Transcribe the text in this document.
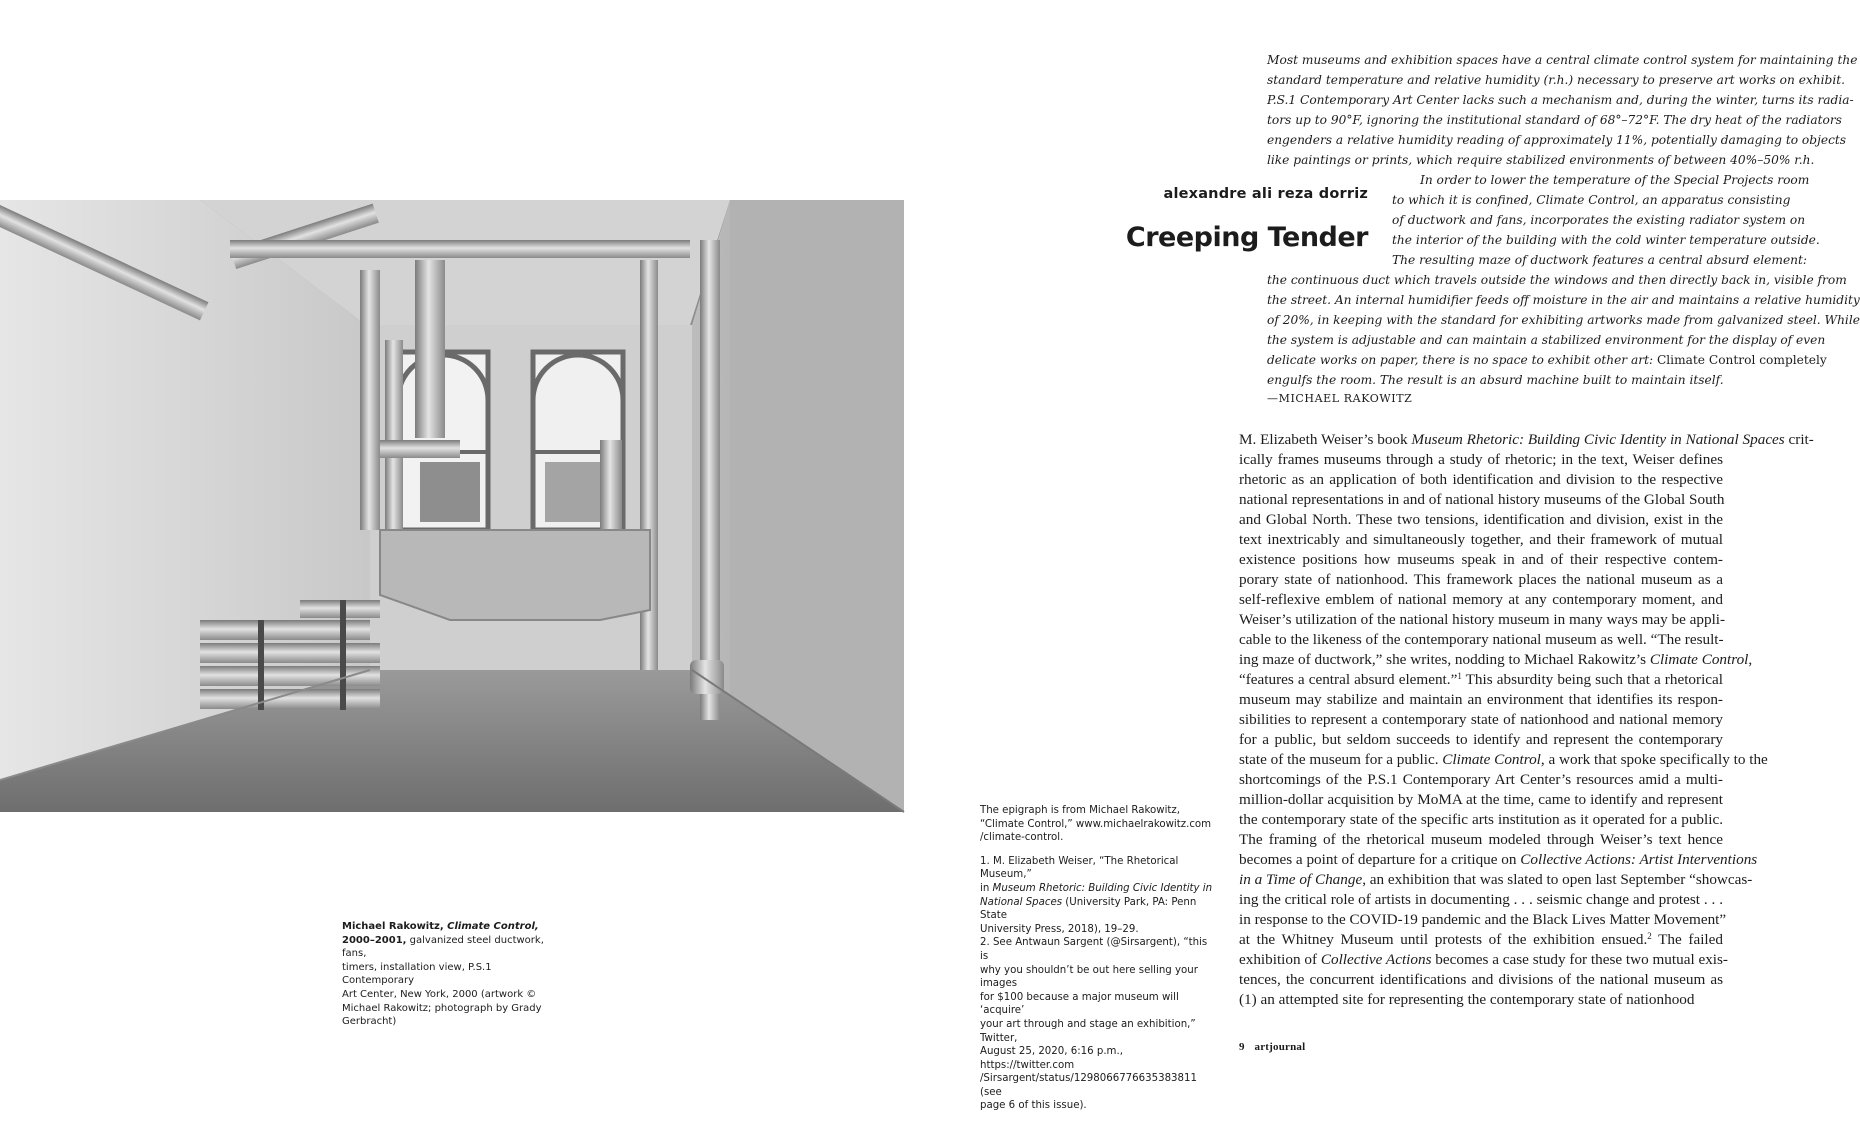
Michael Rakowitz, Climate Control,
2000–2001, galvanized steel ductwork, fans,
timers, installation view, P.S.1 Contemporary
Art Center, New York, 2000 (artwork ©
Michael Rakowitz; photograph by Grady
Gerbracht)

The epigraph is from Michael Rakowitz,
“Climate Control,” www.michaelrakowitz.com
/climate-control.

1. M. Elizabeth Weiser, “The Rhetorical Museum,”
in Museum Rhetoric: Building Civic Identity in
National Spaces (University Park, PA: Penn State
University Press, 2018), 19–29.

2. See Antwaun Sargent (@Sirsargent), “this is
why you shouldn’t be out here selling your images
for $100 because a major museum will ‘acquire’
your art through and stage an exhibition,” Twitter,
August 25, 2020, 6:16 p.m., https://twitter.com
/Sirsargent/status/1298066776635383811 (see
page 6 of this issue).

alexandre ali reza dorriz
Creeping Tender
Most museums and exhibition spaces have a central climate control system for maintaining the
standard temperature and relative humidity (r.h.) necessary to preserve art works on exhibit.
P.S.1 Contemporary Art Center lacks such a mechanism and, during the winter, turns its radia-
tors up to 90°F, ignoring the institutional standard of 68°–72°F. The dry heat of the radiators
engenders a relative humidity reading of approximately 11%, potentially damaging to objects
like paintings or prints, which require stabilized environments of between 40%–50% r.h.
In order to lower the temperature of the Special Projects room
to which it is confined, Climate Control, an apparatus consisting
of ductwork and fans, incorporates the existing radiator system on
the interior of the building with the cold winter temperature outside.
The resulting maze of ductwork features a central absurd element:
the continuous duct which travels outside the windows and then directly back in, visible from
the street. An internal humidifier feeds off moisture in the air and maintains a relative humidity
of 20%, in keeping with the standard for exhibiting artworks made from galvanized steel. While
the system is adjustable and can maintain a stabilized environment for the display of even
delicate works on paper, there is no space to exhibit other art: Climate Control completely
engulfs the room. The result is an absurd machine built to maintain itself.
—MICHAEL RAKOWITZ
M. Elizabeth Weiser’s book Museum Rhetoric: Building Civic Identity in National Spaces crit-
ically frames museums through a study of rhetoric; in the text, Weiser defines
rhetoric as an application of both identification and division to the respective
national representations in and of national history museums of the Global South
and Global North. These two tensions, identification and division, exist in the
text inextricably and simultaneously together, and their framework of mutual
existence positions how museums speak in and of their respective contem-
porary state of nationhood. This framework places the national museum as a
self-reflexive emblem of national memory at any contemporary moment, and
Weiser’s utilization of the national history museum in many ways may be appli-
cable to the likeness of the contemporary national museum as well. “The result-
ing maze of ductwork,” she writes, nodding to Michael Rakowitz’s Climate Control,
“features a central absurd element.”$^1$ This absurdity being such that a rhetorical
museum may stabilize and maintain an environment that identifies its respon-
sibilities to represent a contemporary state of nationhood and national memory
for a public, but seldom succeeds to identify and represent the contemporary
state of the museum for a public. Climate Control, a work that spoke specifically to the
shortcomings of the P.S.1 Contemporary Art Center’s resources amid a multi-
million-dollar acquisition by MoMA at the time, came to identify and represent
the contemporary state of the specific arts institution as it operated for a public.
The framing of the rhetorical museum modeled through Weiser’s text hence
becomes a point of departure for a critique on Collective Actions: Artist Interventions
in a Time of Change, an exhibition that was slated to open last September “showcas-
ing the critical role of artists in documenting . . . seismic change and protest . . .
in response to the COVID-19 pandemic and the Black Lives Matter Movement”
at the Whitney Museum until protests of the exhibition ensued.$^2$ The failed
exhibition of Collective Actions becomes a case study for these two mutual exis-
tences, the concurrent identifications and divisions of the national museum as
(1) an attempted site for representing the contemporary state of nationhood
9 artjournal
